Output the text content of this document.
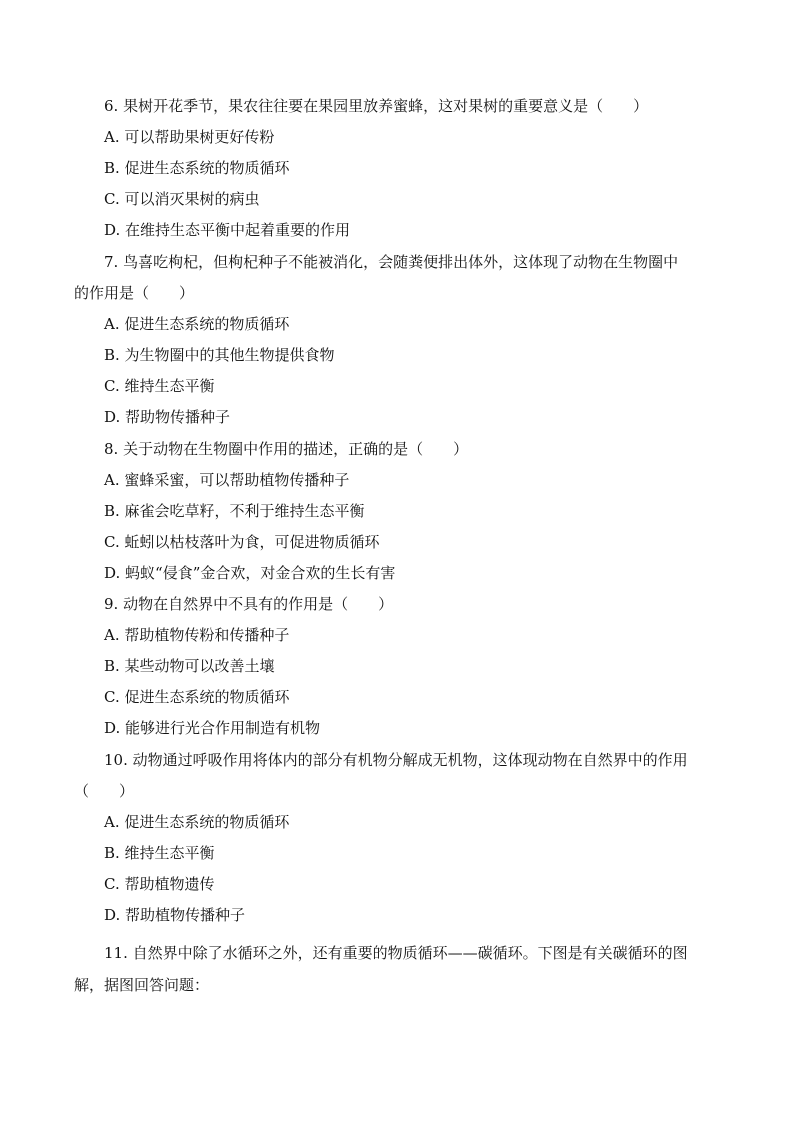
6. 果树开花季节，果农往往要在果园里放养蜜蜂，这对果树的重要意义是（　　）
A. 可以帮助果树更好传粉
B. 促进生态系统的物质循环
C. 可以消灭果树的病虫
D. 在维持生态平衡中起着重要的作用
7. 鸟喜吃枸杞，但枸杞种子不能被消化，会随粪便排出体外，这体现了动物在生物圈中
的作用是（　　）
A. 促进生态系统的物质循环
B. 为生物圈中的其他生物提供食物
C. 维持生态平衡
D. 帮助物传播种子
8. 关于动物在生物圈中作用的描述，正确的是（　　）
A. 蜜蜂采蜜，可以帮助植物传播种子
B. 麻雀会吃草籽，不利于维持生态平衡
C. 蚯蚓以枯枝落叶为食，可促进物质循环
D. 蚂蚁“侵食”金合欢，对金合欢的生长有害
9. 动物在自然界中不具有的作用是（　　）
A. 帮助植物传粉和传播种子
B. 某些动物可以改善土壤
C. 促进生态系统的物质循环
D. 能够进行光合作用制造有机物
10. 动物通过呼吸作用将体内的部分有机物分解成无机物，这体现动物在自然界中的作用
（　　）
A. 促进生态系统的物质循环
B. 维持生态平衡
C. 帮助植物遗传
D. 帮助植物传播种子
11. 自然界中除了水循环之外，还有重要的物质循环——碳循环。下图是有关碳循环的图
解，据图回答问题：
